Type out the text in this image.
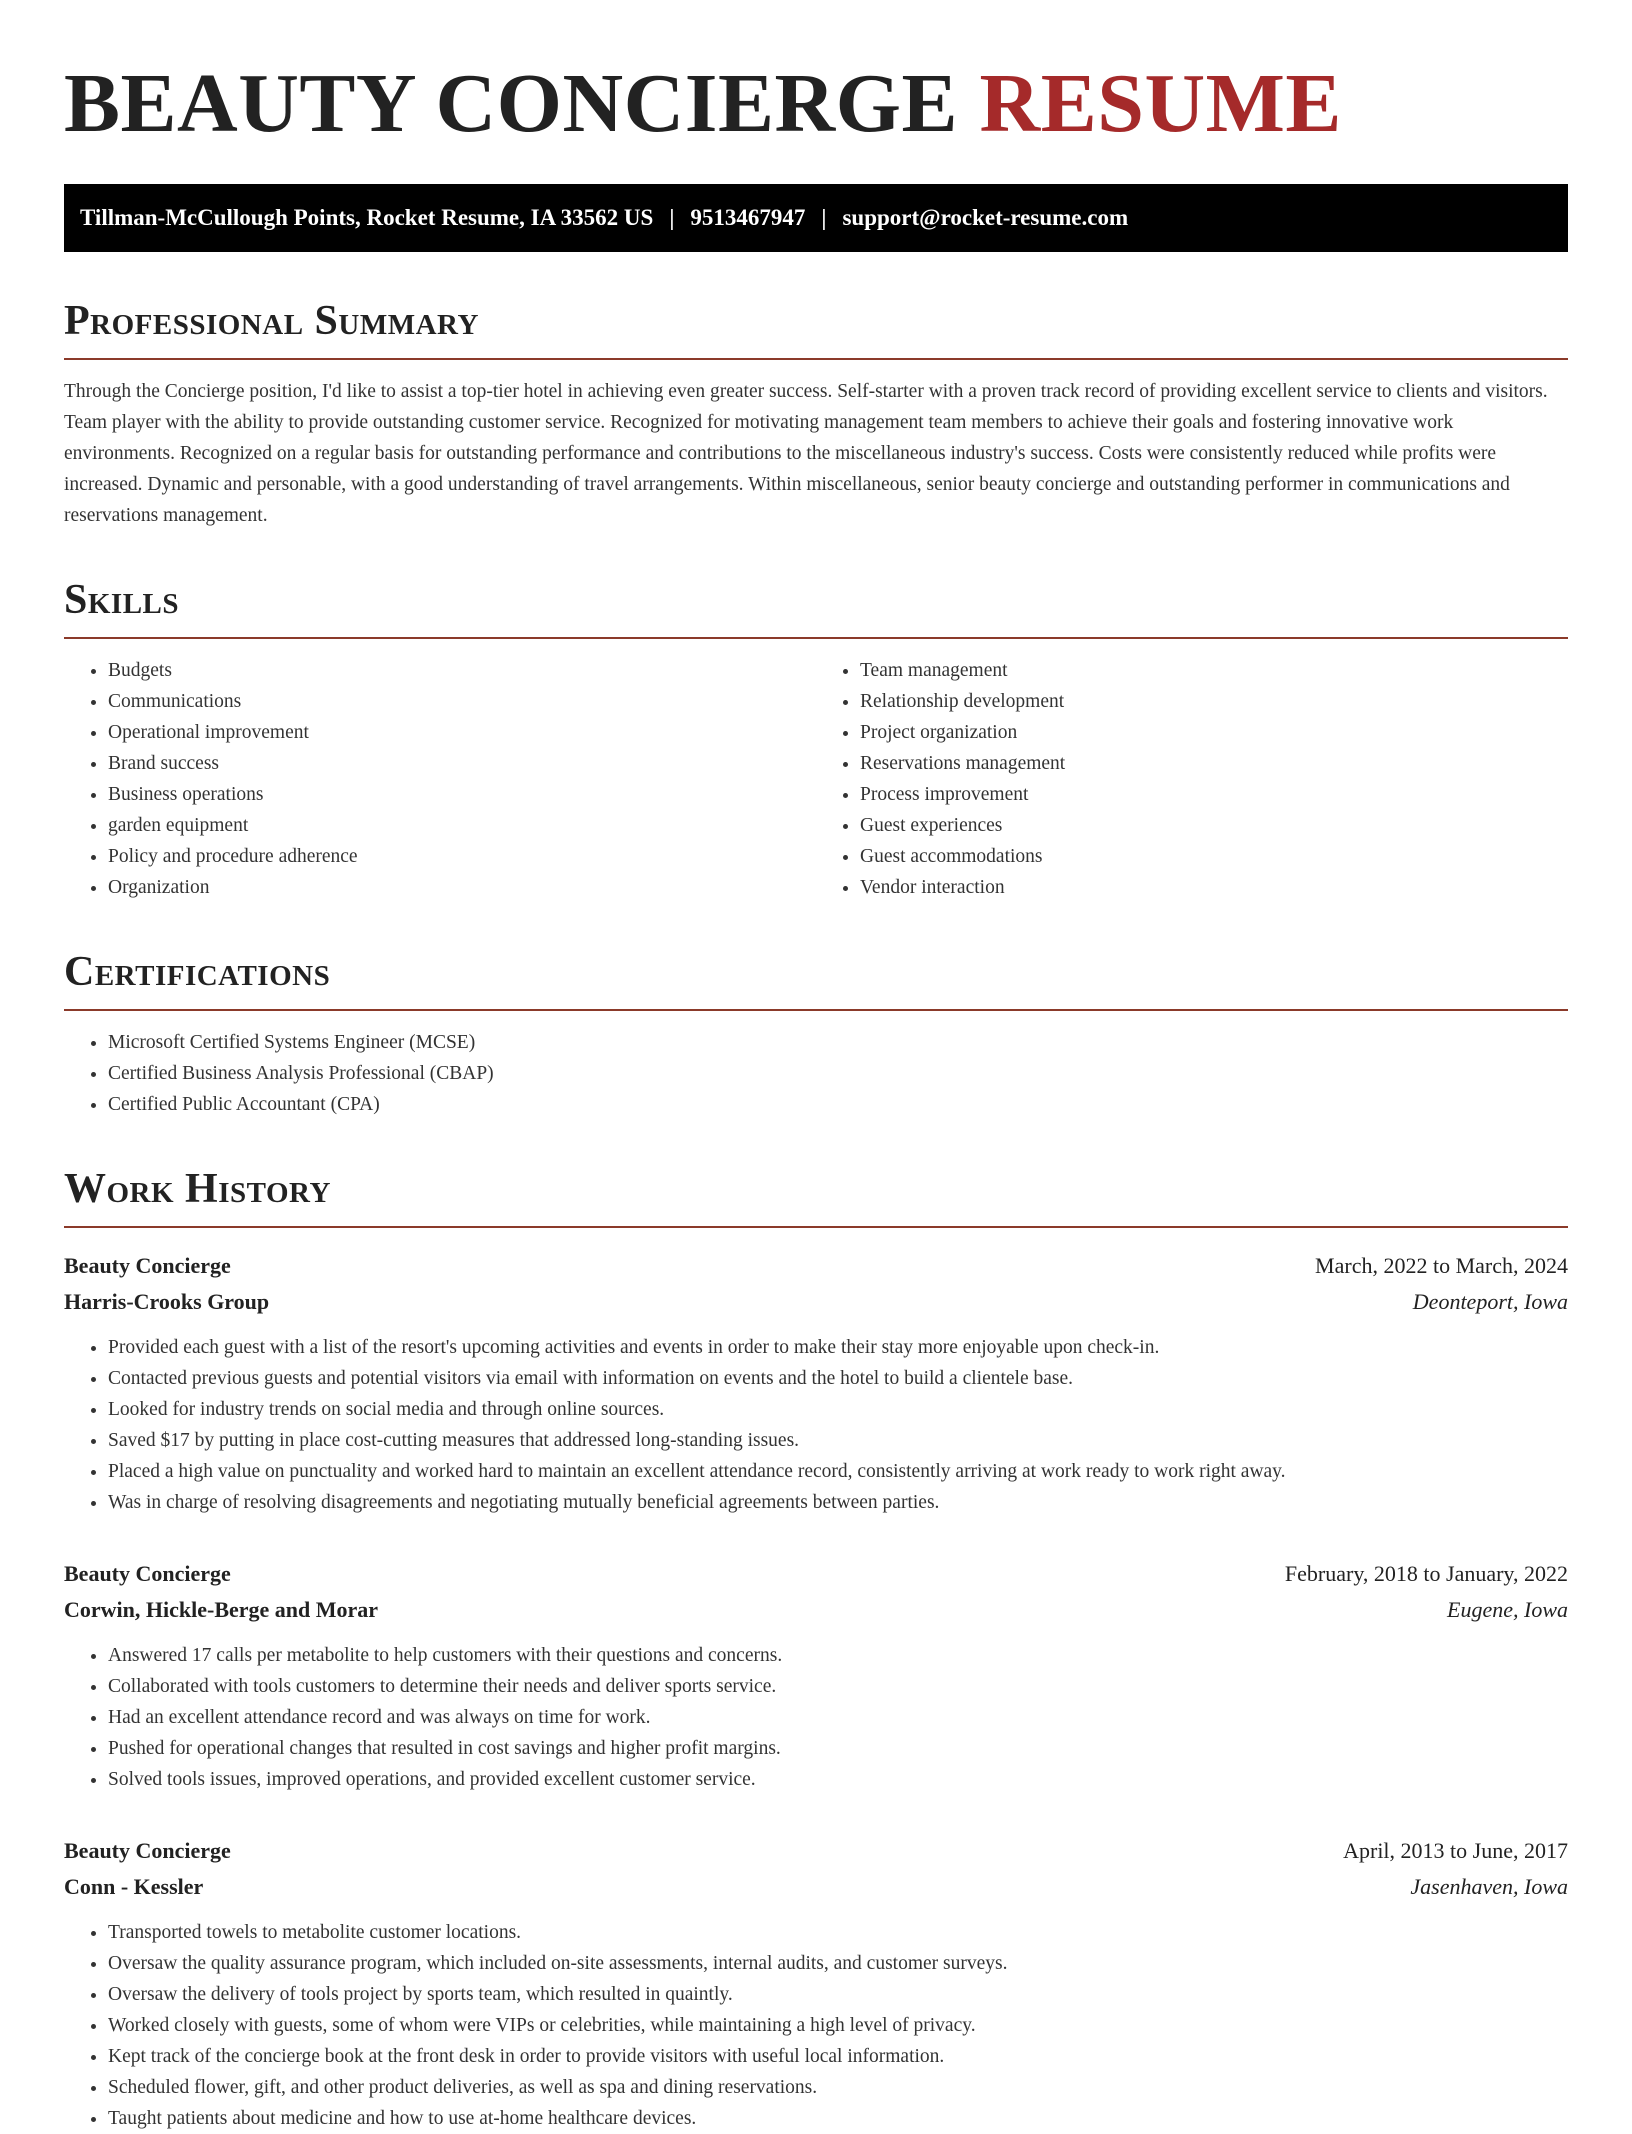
BEAUTY CONCIERGE RESUME
Tillman-McCullough Points, Rocket Resume, IA 33562 US | 9513467947 | support@rocket-resume.com
Professional Summary

Through the Concierge position, I'd like to assist a top-tier hotel in achieving even greater success. Self-starter with a proven track record of providing excellent service to clients and visitors. Team player with the ability to provide outstanding customer service. Recognized for motivating management team members to achieve their goals and fostering innovative work environments. Recognized on a regular basis for outstanding performance and contributions to the miscellaneous industry's success. Costs were consistently reduced while profits were increased. Dynamic and personable, with a good understanding of travel arrangements. Within miscellaneous, senior beauty concierge and outstanding performer in communications and reservations management.

Skills
• Budgets
• Communications
• Operational improvement
• Brand success
• Business operations
• garden equipment
• Policy and procedure adherence
• Organization
• Team management
• Relationship development
• Project organization
• Reservations management
• Process improvement
• Guest experiences
• Guest accommodations
• Vendor interaction
Certifications
• Microsoft Certified Systems Engineer (MCSE)
• Certified Business Analysis Professional (CBAP)
• Certified Public Accountant (CPA)
Work History
Beauty Concierge	March, 2022 to March, 2024
Harris-Crooks Group	Deonteport, Iowa
• Provided each guest with a list of the resort's upcoming activities and events in order to make their stay more enjoyable upon check-in.
• Contacted previous guests and potential visitors via email with information on events and the hotel to build a clientele base.
• Looked for industry trends on social media and through online sources.
• Saved $17 by putting in place cost-cutting measures that addressed long-standing issues.
• Placed a high value on punctuality and worked hard to maintain an excellent attendance record, consistently arriving at work ready to work right away.
• Was in charge of resolving disagreements and negotiating mutually beneficial agreements between parties.
Beauty Concierge	February, 2018 to January, 2022
Corwin, Hickle-Berge and Morar	Eugene, Iowa
• Answered 17 calls per metabolite to help customers with their questions and concerns.
• Collaborated with tools customers to determine their needs and deliver sports service.
• Had an excellent attendance record and was always on time for work.
• Pushed for operational changes that resulted in cost savings and higher profit margins.
• Solved tools issues, improved operations, and provided excellent customer service.
Beauty Concierge	April, 2013 to June, 2017
Conn - Kessler	Jasenhaven, Iowa
• Transported towels to metabolite customer locations.
• Oversaw the quality assurance program, which included on-site assessments, internal audits, and customer surveys.
• Oversaw the delivery of tools project by sports team, which resulted in quaintly.
• Worked closely with guests, some of whom were VIPs or celebrities, while maintaining a high level of privacy.
• Kept track of the concierge book at the front desk in order to provide visitors with useful local information.
• Scheduled flower, gift, and other product deliveries, as well as spa and dining reservations.
• Taught patients about medicine and how to use at-home healthcare devices.
